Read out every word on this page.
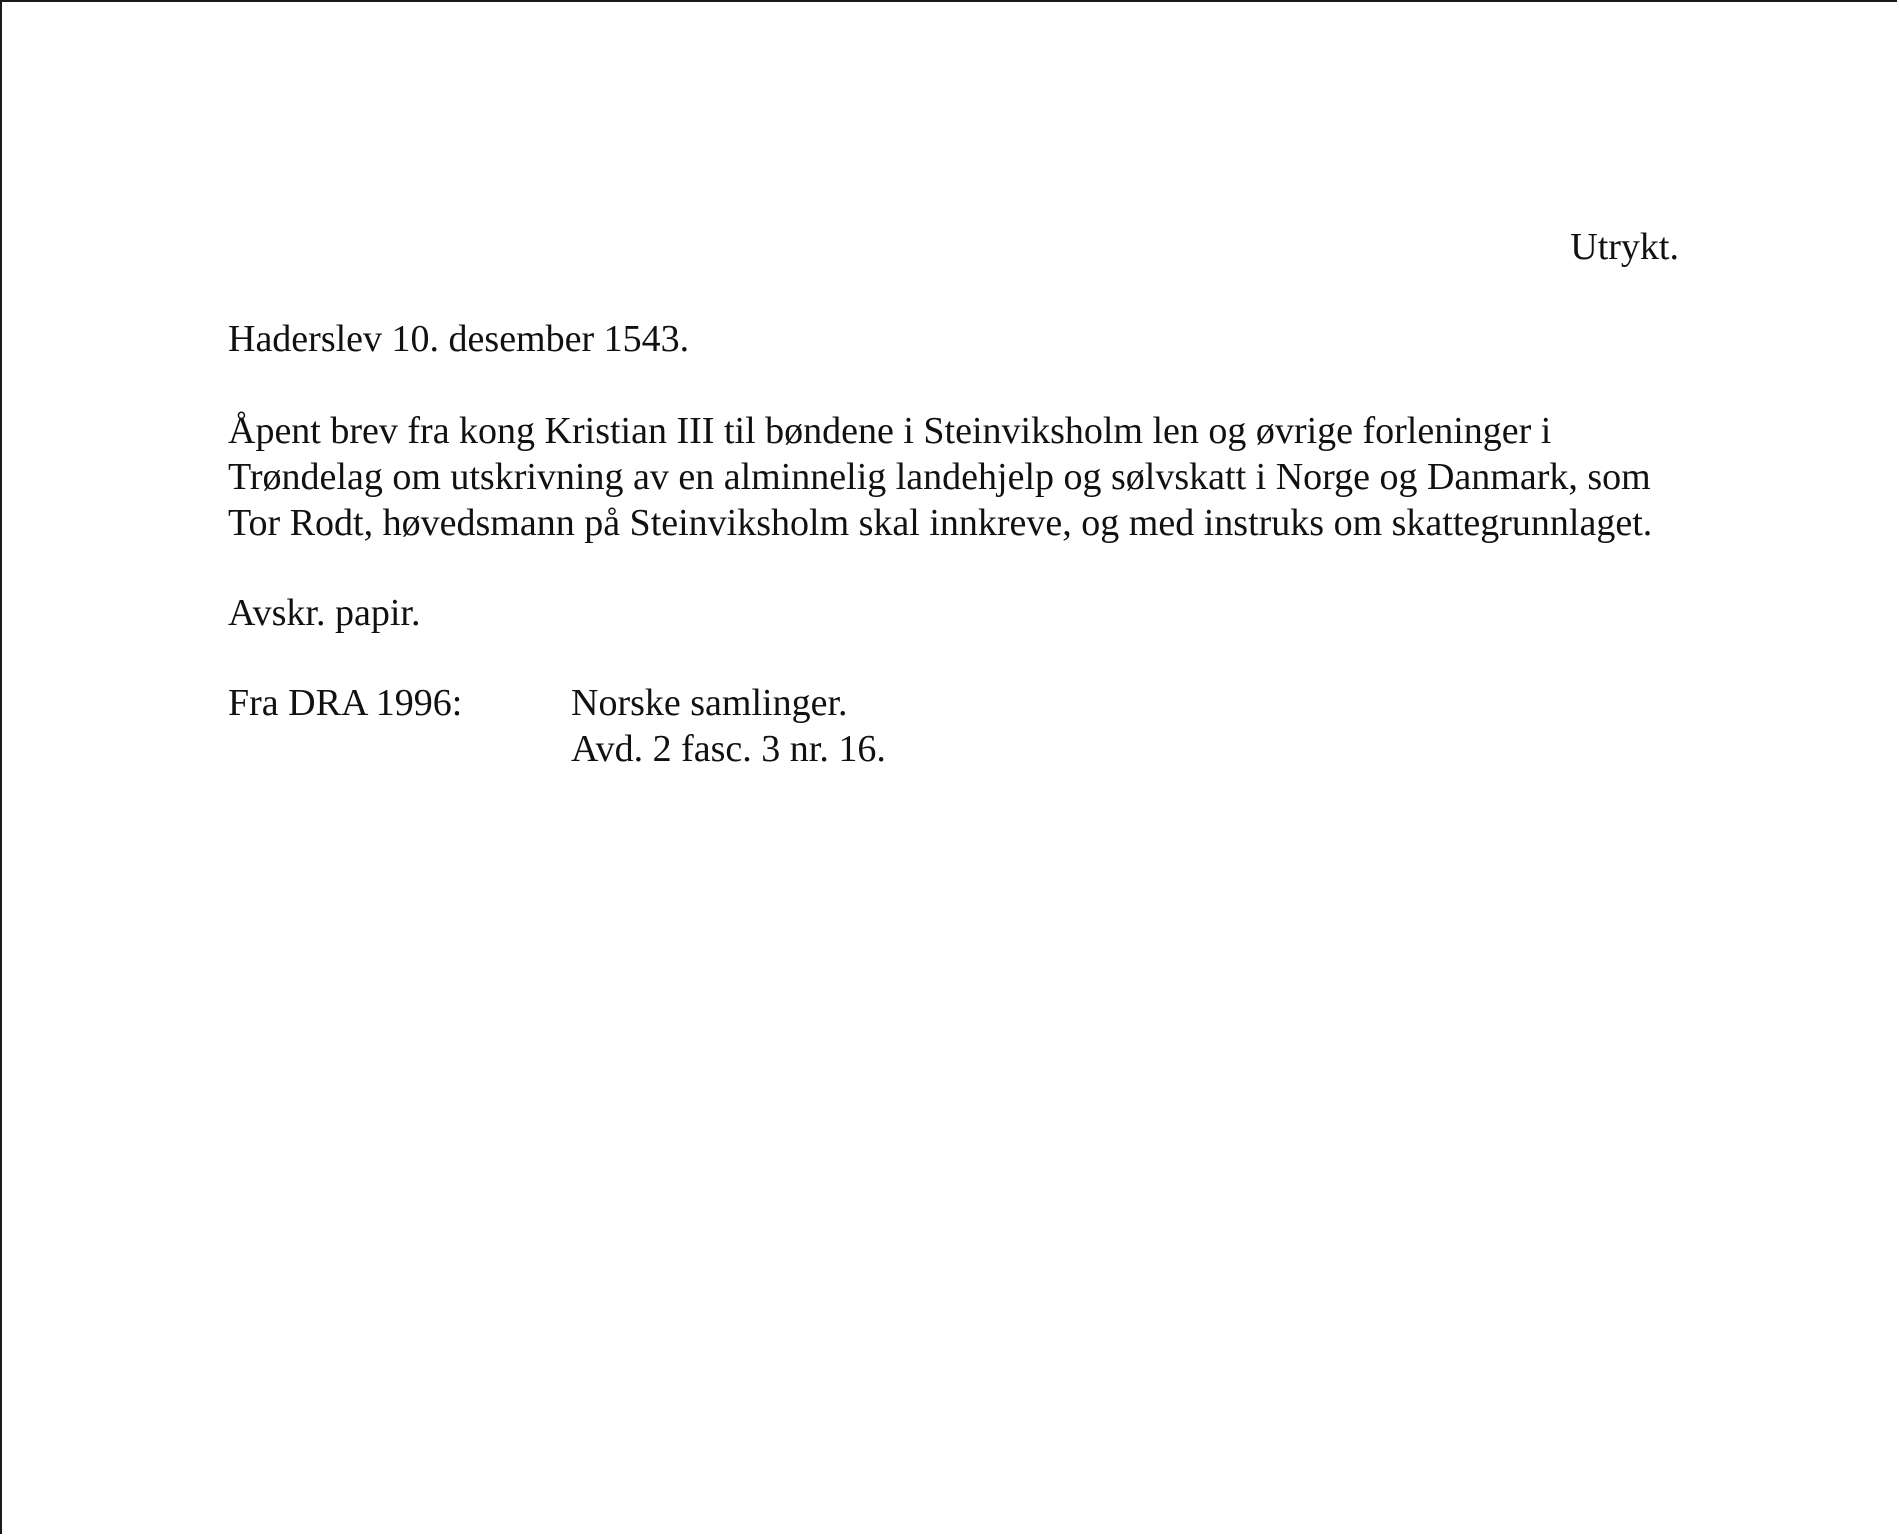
Utrykt.

Haderslev 10. desember 1543.

Åpent brev fra kong Kristian III til bøndene i Steinviksholm len og øvrige forleninger i
Trøndelag om utskrivning av en alminnelig landehjelp og sølvskatt i Norge og Danmark, som
Tor Rodt, høvedsmann på Steinviksholm skal innkreve, og med instruks om skattegrunnlaget.

Avskr. papir.

Fra DRA 1996:	Norske samlinger.
Avd. 2 fasc. 3 nr. 16.
